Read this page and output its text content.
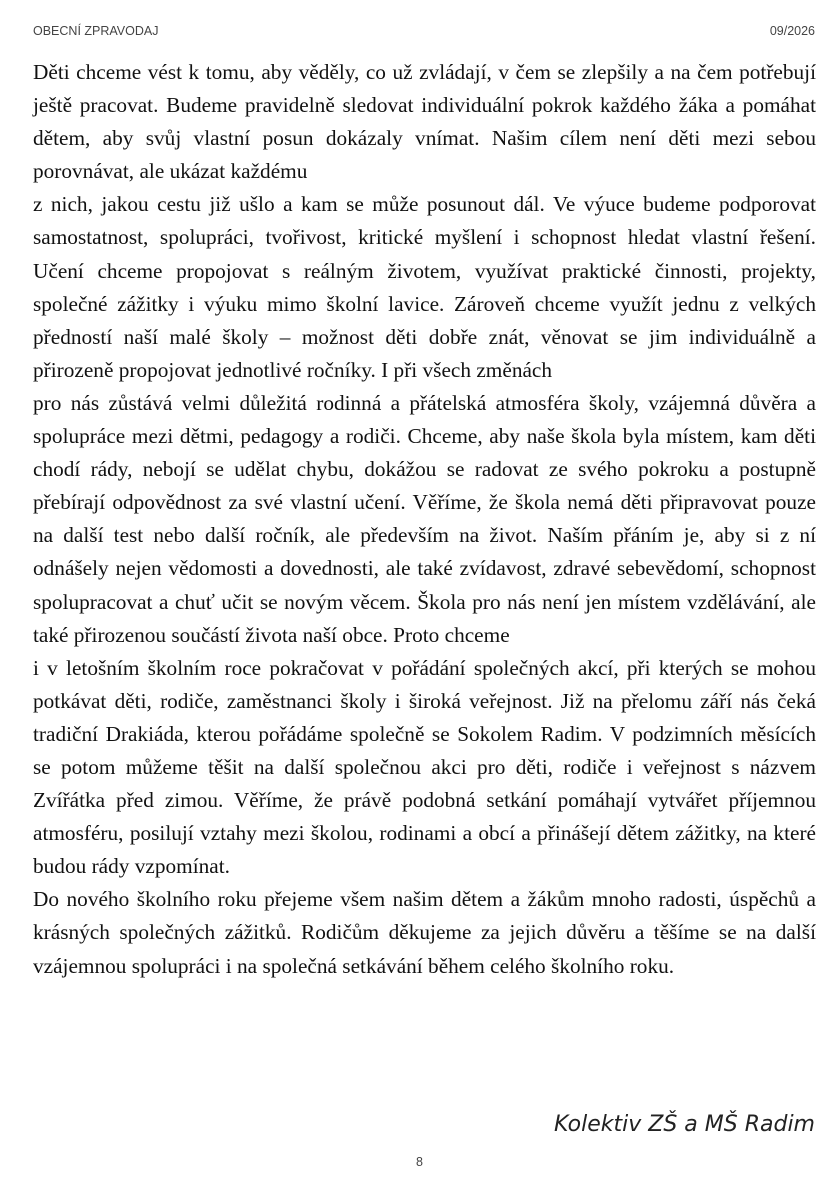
OBECNÍ ZPRAVODAJ	09/2026

Děti chceme vést k tomu, aby věděly, co už zvládají, v čem se zlepšily a na čem potřebují ještě pracovat. Budeme pravidelně sledovat individuální pokrok každého žáka a pomáhat dětem, aby svůj vlastní posun dokázaly vnímat. Našim cílem není děti mezi sebou porovnávat, ale ukázat každému

z nich, jakou cestu již ušlo a kam se může posunout dál. Ve výuce budeme podporovat samostatnost, spolupráci, tvořivost, kritické myšlení i schopnost hledat vlastní řešení. Učení chceme propojovat s reálným životem, využívat praktické činnosti, projekty, společné zážitky i výuku mimo školní lavice. Zároveň chceme využít jednu z velkých předností naší malé školy – možnost děti dobře znát, věnovat se jim individuálně a přirozeně propojovat jednotlivé ročníky. I při všech změnách

pro nás zůstává velmi důležitá rodinná a přátelská atmosféra školy, vzájemná důvěra a spolupráce mezi dětmi, pedagogy a rodiči. Chceme, aby naše škola byla místem, kam děti chodí rády, nebojí se udělat chybu, dokážou se radovat ze svého pokroku a postupně přebírají odpovědnost za své vlastní učení. Věříme, že škola nemá děti připravovat pouze na další test nebo další ročník, ale především na život. Naším přáním je, aby si z ní odnášely nejen vědomosti a dovednosti, ale také zvídavost, zdravé sebevědomí, schopnost spolupracovat a chuť učit se novým věcem. Škola pro nás není jen místem vzdělávání, ale také přirozenou součástí života naší obce. Proto chceme

i v letošním školním roce pokračovat v pořádání společných akcí, při kterých se mohou potkávat děti, rodiče, zaměstnanci školy i široká veřejnost. Již na přelomu září nás čeká tradiční Drakiáda, kterou pořádáme společně se Sokolem Radim. V podzimních měsících se potom můžeme těšit na další společnou akci pro děti, rodiče i veřejnost s názvem Zvířátka před zimou. Věříme, že právě podobná setkání pomáhají vytvářet příjemnou atmosféru, posilují vztahy mezi školou, rodinami a obcí a přinášejí dětem zážitky, na které budou rády vzpomínat.

Do nového školního roku přejeme všem našim dětem a žákům mnoho radosti, úspěchů a krásných společných zážitků. Rodičům děkujeme za jejich důvěru a těšíme se na další vzájemnou spolupráci i na společná setkávání během celého školního roku.

Kolektiv ZŠ a MŠ Radim
8
